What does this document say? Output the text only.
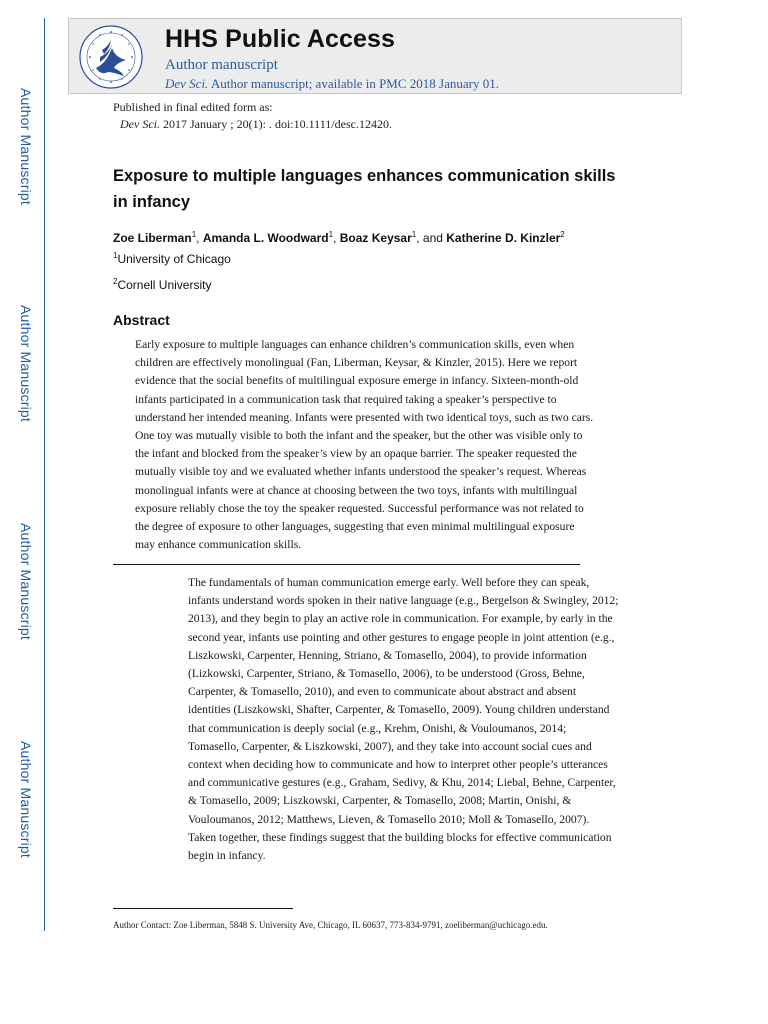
Author Manuscript
Author Manuscript
Author Manuscript
Author Manuscript
HHS Public Access
Author manuscript
Dev Sci. Author manuscript; available in PMC 2018 January 01.
Published in final edited form as:
Dev Sci. 2017 January ; 20(1): . doi:10.1111/desc.12420.
Exposure to multiple languages enhances communication skills
in infancy
Zoe Liberman$^1$, Amanda L. Woodward$^1$, Boaz Keysar$^1$, and Katherine D. Kinzler$^2$
$^1$University of Chicago
$^2$Cornell University
Abstract
Early exposure to multiple languages can enhance children’s communication skills, even when
children are effectively monolingual (Fan, Liberman, Keysar, & Kinzler, 2015). Here we report
evidence that the social benefits of multilingual exposure emerge in infancy. Sixteen-month-old
infants participated in a communication task that required taking a speaker’s perspective to
understand her intended meaning. Infants were presented with two identical toys, such as two cars.
One toy was mutually visible to both the infant and the speaker, but the other was visible only to
the infant and blocked from the speaker’s view by an opaque barrier. The speaker requested the
mutually visible toy and we evaluated whether infants understood the speaker’s request. Whereas
monolingual infants were at chance at choosing between the two toys, infants with multilingual
exposure reliably chose the toy the speaker requested. Successful performance was not related to
the degree of exposure to other languages, suggesting that even minimal multilingual exposure
may enhance communication skills.
The fundamentals of human communication emerge early. Well before they can speak,
infants understand words spoken in their native language (e.g., Bergelson & Swingley, 2012;
2013), and they begin to play an active role in communication. For example, by early in the
second year, infants use pointing and other gestures to engage people in joint attention (e.g.,
Liszkowski, Carpenter, Henning, Striano, & Tomasello, 2004), to provide information
(Lizkowski, Carpenter, Striano, & Tomasello, 2006), to be understood (Gross, Behne,
Carpenter, & Tomasello, 2010), and even to communicate about abstract and absent
identities (Liszkowski, Shafter, Carpenter, & Tomasello, 2009). Young children understand
that communication is deeply social (e.g., Krehm, Onishi, & Vouloumanos, 2014;
Tomasello, Carpenter, & Liszkowski, 2007), and they take into account social cues and
context when deciding how to communicate and how to interpret other people’s utterances
and communicative gestures (e.g., Graham, Sedivy, & Khu, 2014; Liebal, Behne, Carpenter,
& Tomasello, 2009; Liszkowski, Carpenter, & Tomasello, 2008; Martin, Onishi, &
Vouloumanos, 2012; Matthews, Lieven, & Tomasello 2010; Moll & Tomasello, 2007).
Taken together, these findings suggest that the building blocks for effective communication
begin in infancy.
Author Contact: Zoe Liberman, 5848 S. University Ave, Chicago, IL 60637, 773-834-9791, zoeliberman@uchicago.edu.
